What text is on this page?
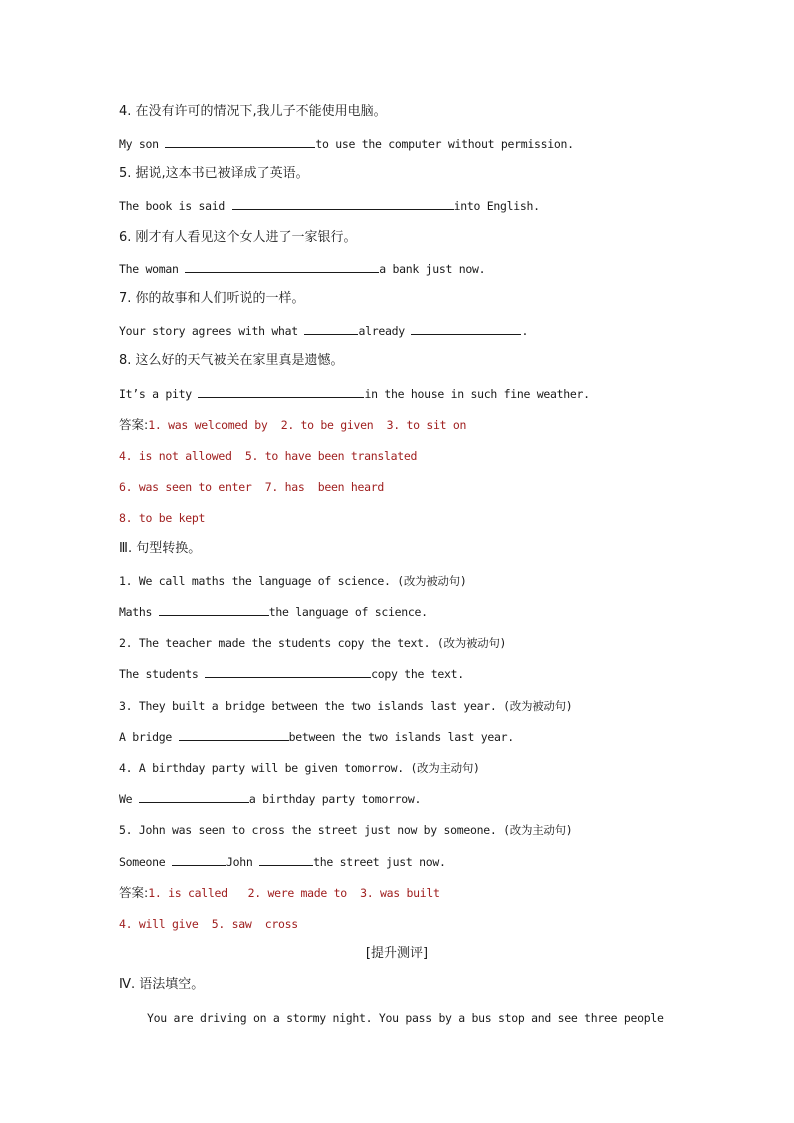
4. 在没有许可的情况下,我儿子不能使用电脑。
My son	to use the computer without permission.
5. 据说,这本书已被译成了英语。
The book is said	into English.
6. 刚才有人看见这个女人进了一家银行。
The woman	a bank just now.
7. 你的故事和人们听说的一样。
Your story agrees with what	already	.
8. 这么好的天气被关在家里真是遗憾。
It’s a pity	in the house in such fine weather.
答案:1. was welcomed by  2. to be given  3. to sit on
4. is not allowed  5. to have been translated
6. was seen to enter  7. has  been heard
8. to be kept
Ⅲ. 句型转换。
1. We call maths the language of science. (改为被动句)
Maths	the language of science.
2. The teacher made the students copy the text. (改为被动句)
The students	copy the text.
3. They built a bridge between the two islands last year. (改为被动句)
A bridge	between the two islands last year.
4. A birthday party will be given tomorrow. (改为主动句)
We	a birthday party tomorrow.
5. John was seen to cross the street just now by someone. (改为主动句)
Someone	John	the street just now.
答案:1. is called   2. were made to  3. was built
4. will give  5. saw  cross
[提升测评]
Ⅳ. 语法填空。
You are driving on a stormy night. You pass by a bus stop and see three people
